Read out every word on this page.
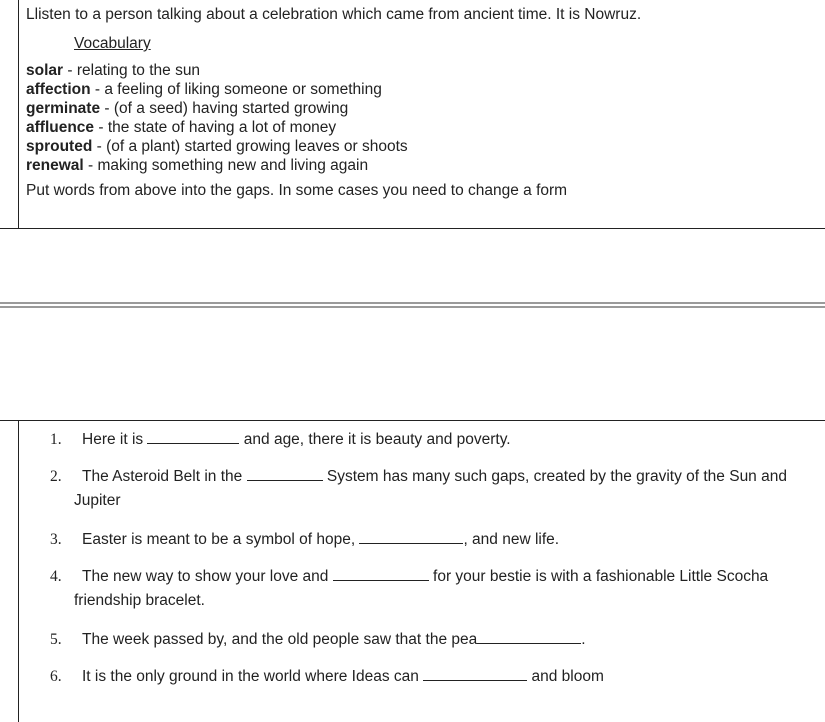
Llisten to a person talking about a celebration which came from ancient time. It is Nowruz.
Vocabulary
solar - relating to the sun
affection - a feeling of liking someone or something
germinate - (of a seed) having started growing
affluence - the state of having a lot of money
sprouted - (of a plant) started growing leaves or shoots
renewal - making something new and living again
Put words from above into the gaps. In some cases you need to change a form
1. Here it is	and age, there it is beauty and poverty.
2. The Asteroid Belt in the	System has many such gaps, created by the gravity of the Sun and Jupiter
3. Easter is meant to be a symbol of hope,	, and new life.
4. The new way to show your love and	for your bestie is with a fashionable Little Scocha friendship bracelet.
5. The week passed by, and the old people saw that the pea	.
6. It is the only ground in the world where Ideas can	and bloom
